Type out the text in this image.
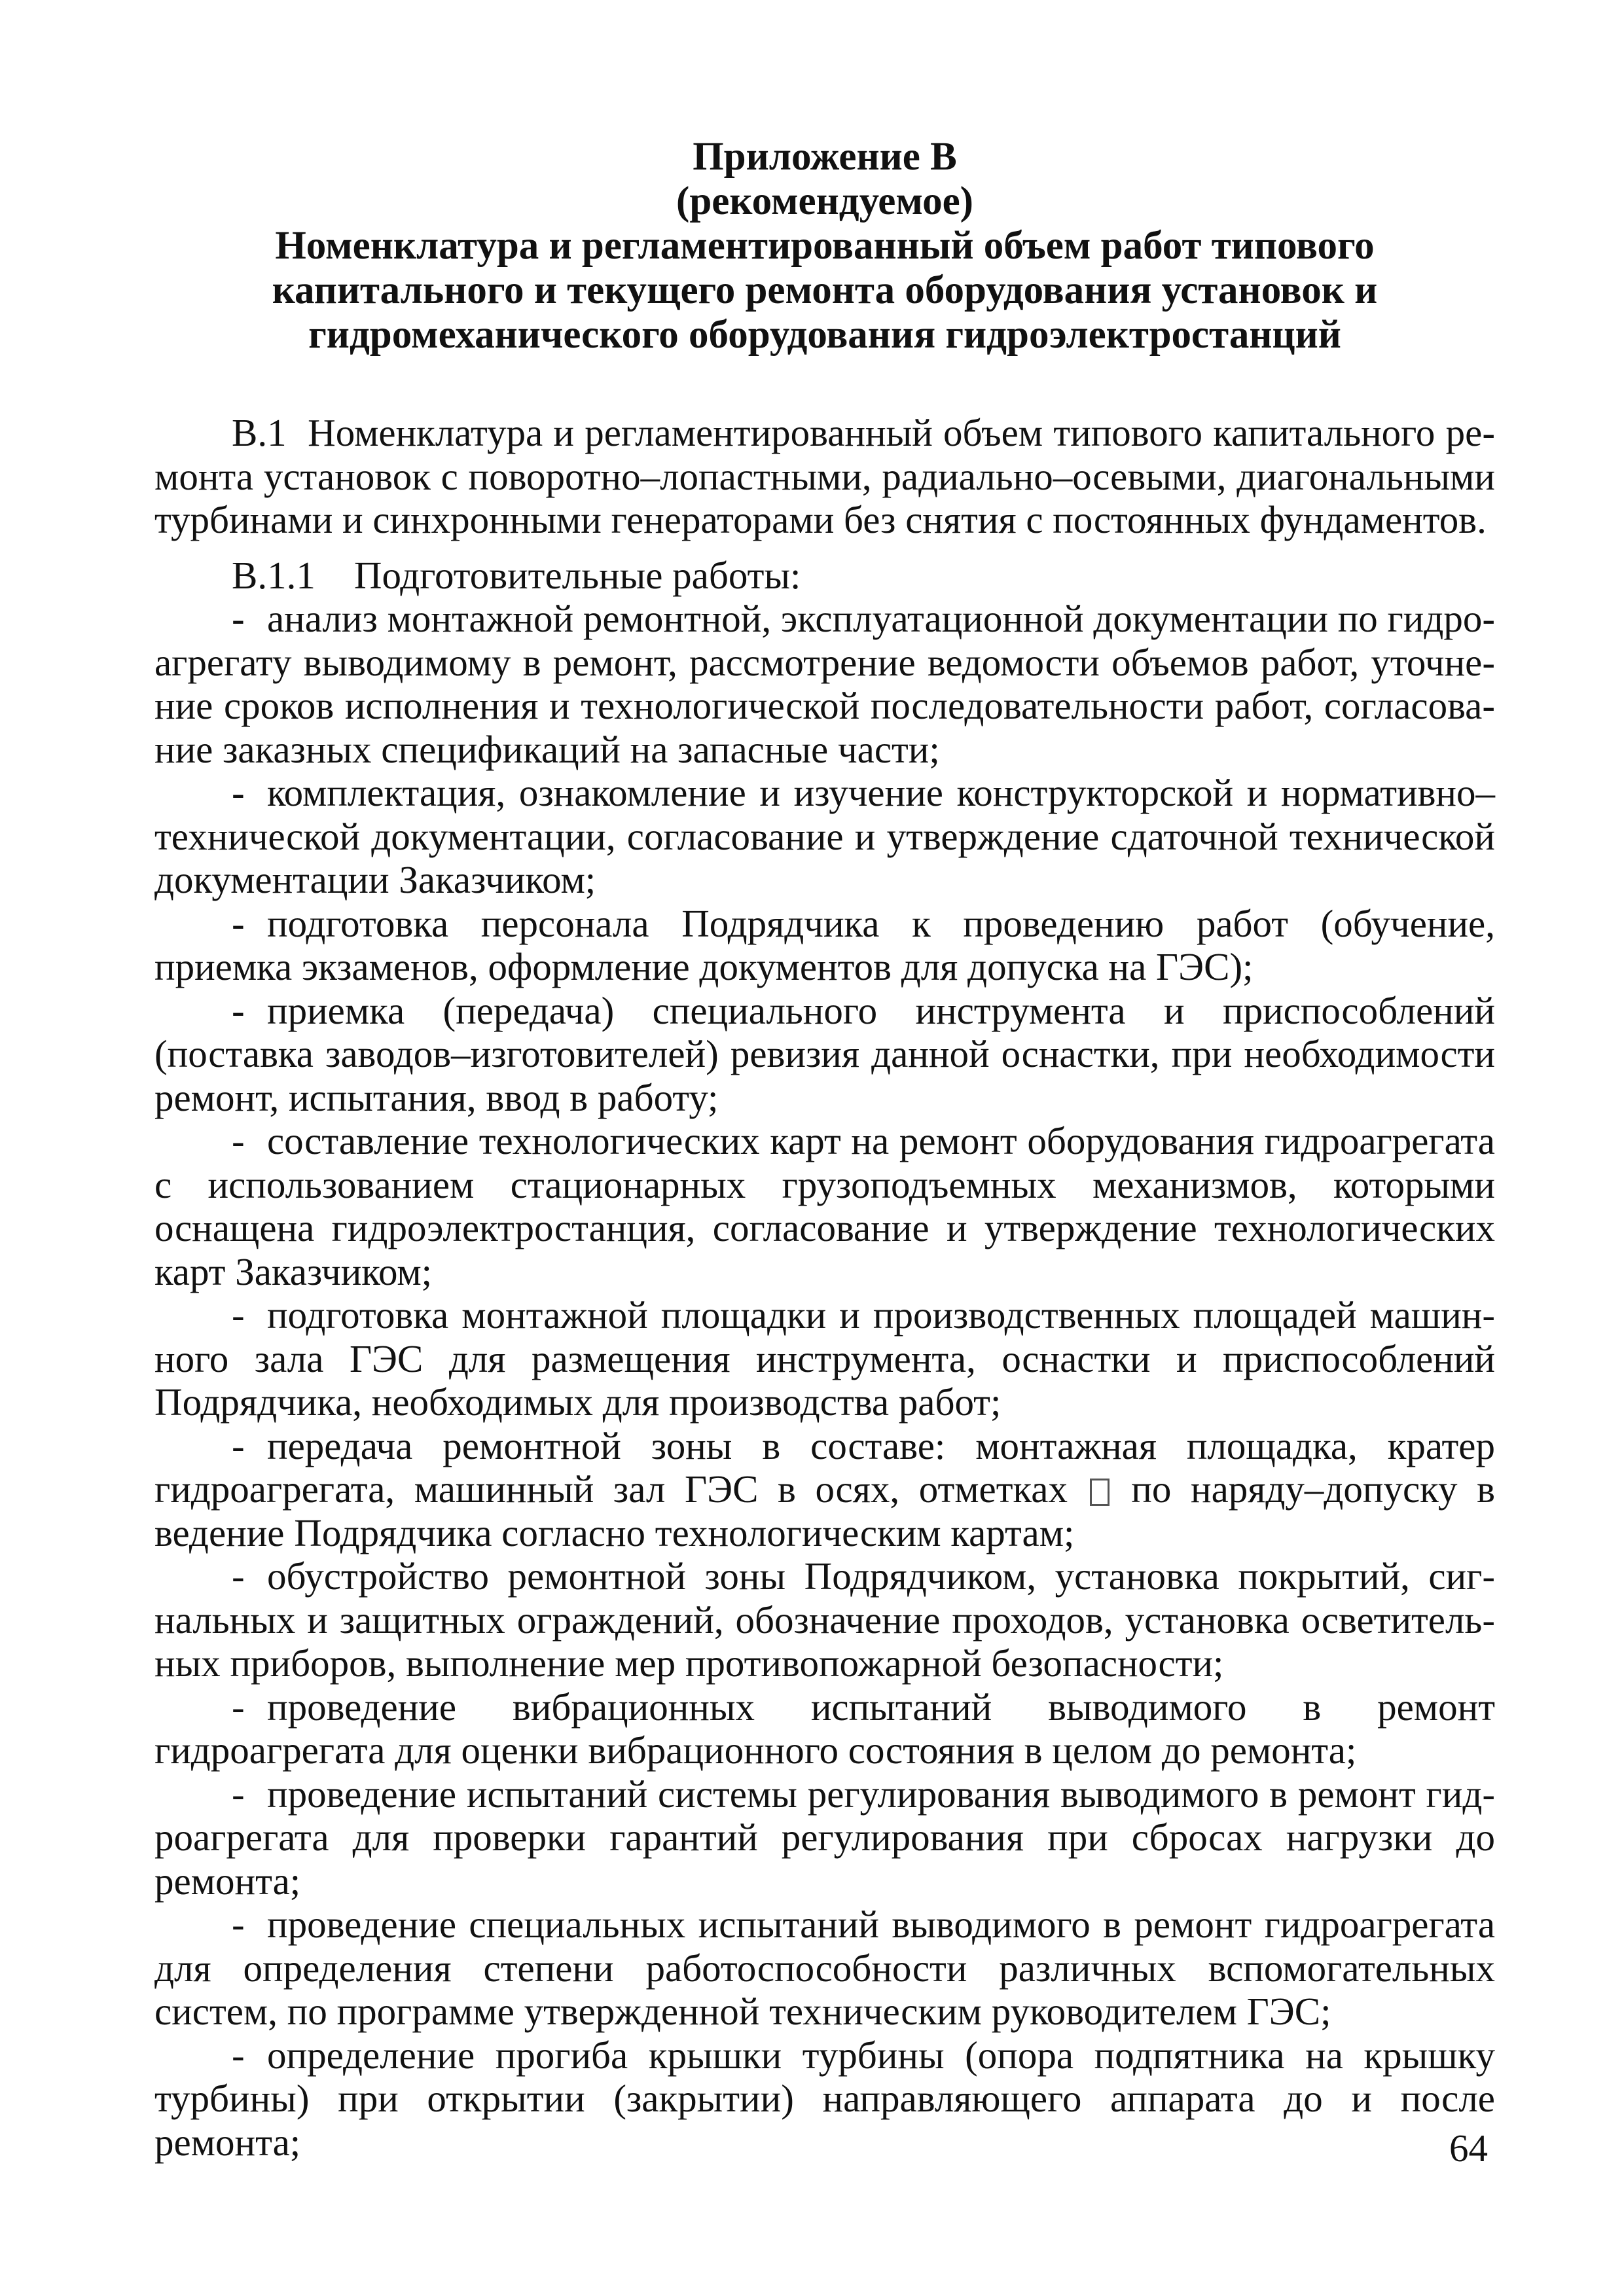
Приложение В
(рекомендуемое)
Номенклатура и регламентированный объем работ типового
капитального и текущего ремонта оборудования установок и
гидромеханического оборудования гидроэлектростанций

В.1 Номенклатура и регламентированный объем типового капитального ремонта установок с поворотно–лопастными, радиально–осевыми, диагональными турбинами и синхронными генераторами без снятия с постоянных фундаментов.

В.1.1 Подготовительные работы:

- анализ монтажной ремонтной, эксплуатационной документации по гидроагрегату выводимому в ремонт, рассмотрение ведомости объемов работ, уточнение сроков исполнения и технологической последовательности работ, согласование заказных спецификаций на запасные части;

- комплектация, ознакомление и изучение конструкторской и нормативно–технической документации, согласование и утверждение сдаточной технической документации Заказчиком;

- подготовка персонала Подрядчика к проведению работ (обучение, приемка экзаменов, оформление документов для допуска на ГЭС);

- приемка (передача) специального инструмента и приспособлений (поставка заводов–изготовителей) ревизия данной оснастки, при необходимости ремонт, испытания, ввод в работу;

- составление технологических карт на ремонт оборудования гидроагрегата с использованием стационарных грузоподъемных механизмов, которыми оснащена гидроэлектростанция, согласование и утверждение технологических карт Заказчиком;

- подготовка монтажной площадки и производственных площадей машинного зала ГЭС для размещения инструмента, оснастки и приспособлений Подрядчика, необходимых для производства работ;

- передача ремонтной зоны в составе: монтажная площадка, кратер гидроагрегата, машинный зал ГЭС в осях, отметках по наряду–допуску в ведение Подрядчика согласно технологическим картам;

- обустройство ремонтной зоны Подрядчиком, установка покрытий, сигнальных и защитных ограждений, обозначение проходов, установка осветительных приборов, выполнение мер противопожарной безопасности;

- проведение вибрационных испытаний выводимого в ремонт гидроагрегата для оценки вибрационного состояния в целом до ремонта;

- проведение испытаний системы регулирования выводимого в ремонт гидроагрегата для проверки гарантий регулирования при сбросах нагрузки до ремонта;

- проведение специальных испытаний выводимого в ремонт гидроагрегата для определения степени работоспособности различных вспомогательных систем, по программе утвержденной техническим руководителем ГЭС;

- определение прогиба крышки турбины (опора подпятника на крышку турбины) при открытии (закрытии) направляющего аппарата до и после ремонта;	64
